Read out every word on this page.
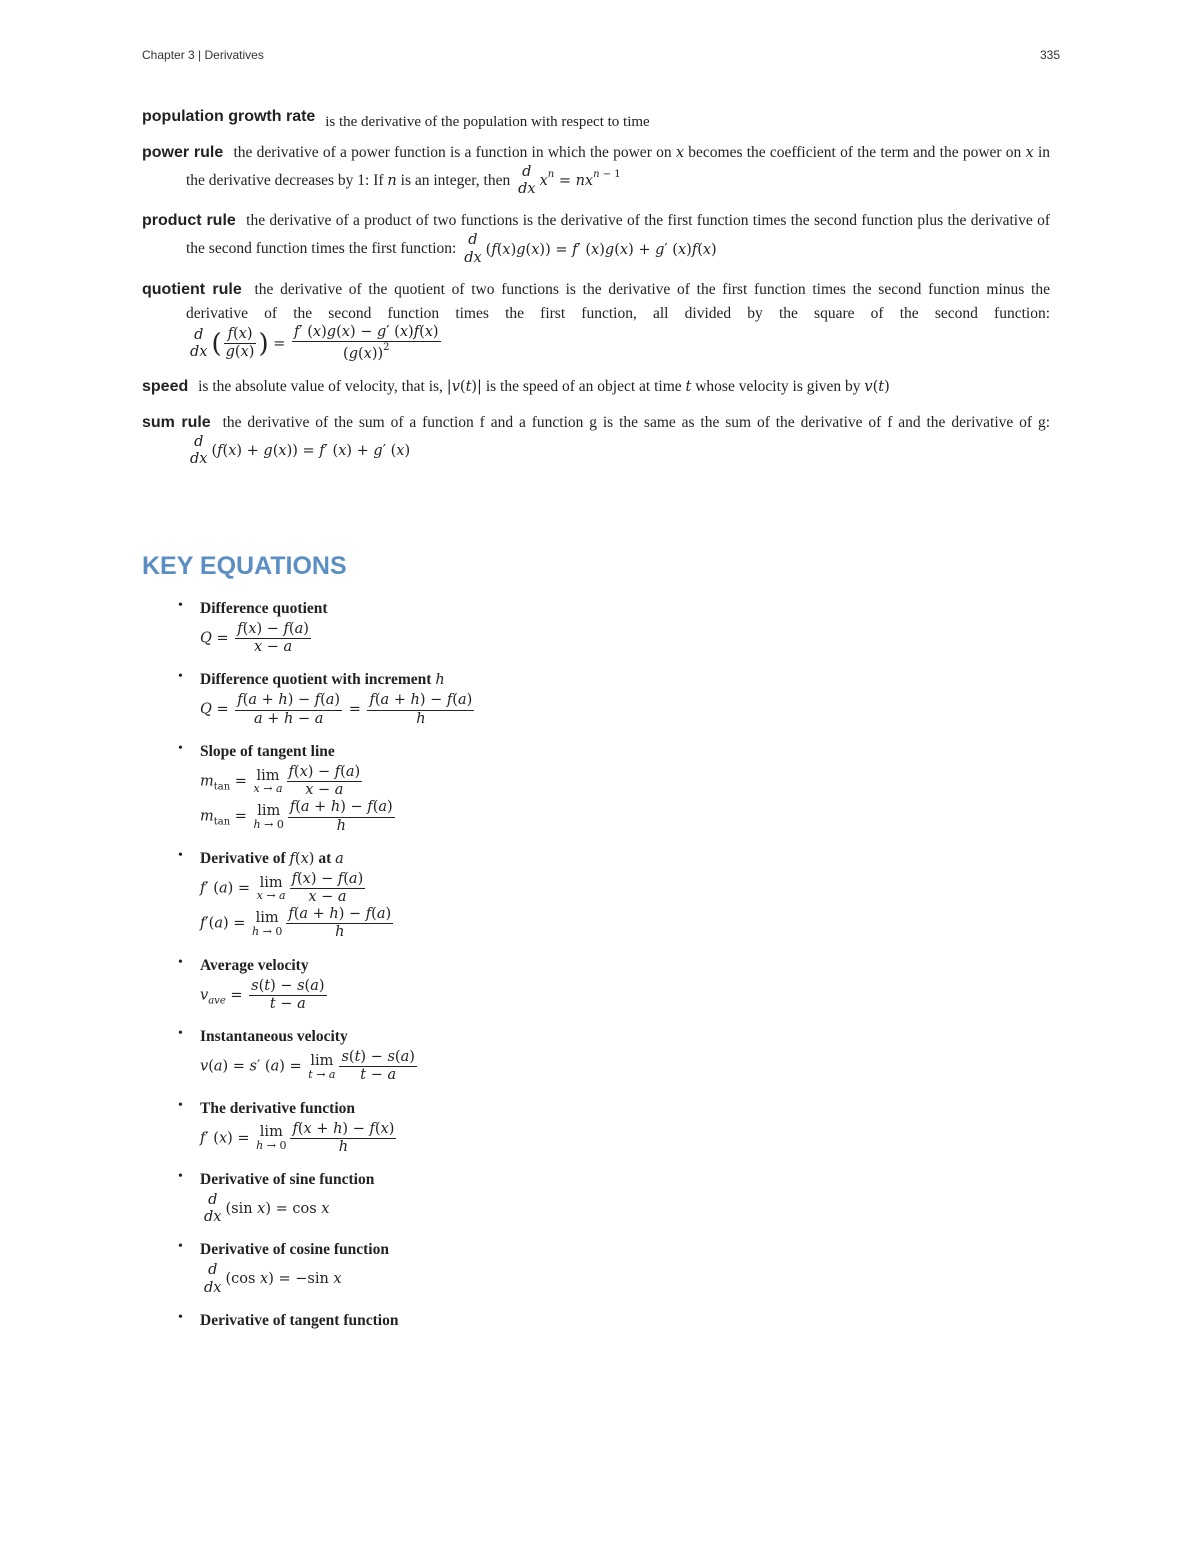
Chapter 3 | Derivatives	335

population growth rate is the derivative of the population with respect to time

power rule the derivative of a power function is a function in which the power on x becomes the coefficient of the term and the power on x in the derivative decreases by 1: If n is an integer, then
d
dx $x^n = nx^{n - 1}$

product rule the derivative of a product of two functions is the derivative of the first function times the second function plus the derivative of the second function times the first function:
d
dx (f(x)g(x)) = f′ (x)g(x) + g′ (x)f(x)

quotient rule the derivative of the quotient of two functions is the derivative of the first function times the second function minus the derivative of the second function times the first function, all divided by the square of the second function:
d
dx ( $\frac{f(x)}{g(x)}$ ) = $\frac{f' (x)g(x) - g' (x)f(x)}{(g(x))^2}$

speed is the absolute value of velocity, that is, |v(t)| is the speed of an object at time t whose velocity is given by v(t)

sum rule the derivative of the sum of a function f and a function g is the same as the sum of the derivative of f and the derivative of g:
d
dx (f(x) + g(x)) = f′ (x) + g′ (x)

KEY EQUATIONS
• Difference quotient
$Q = \frac{f(x) - f(a)}{x - a}$
• Difference quotient with increment h
$Q = \frac{f(a + h) - f(a)}{a + h - a} = \frac{f(a + h) - f(a)}{h}$
• Slope of tangent line
$m_{tan} = \lim$
x → a $\frac{f(x) - f(a)}{x - a}$
$m_{tan} = \lim$
$h \to 0 \frac{f(a + h) - f(a)}{h}$
• Derivative of f(x) at a
f′ (a) = lim
x → a $\frac{f(x) - f(a)}{x - a}$
f′(a) = lim
$h \to 0 \frac{f(a + h) - f(a)}{h}$
• Average velocity
$v_{ave} = \frac{s(t) - s(a)}{t - a}$
• Instantaneous velocity
v(a) = s′ (a) = lim
t → a $\frac{s(t) - s(a)}{t - a}$
• The derivative function
f′ (x) = lim
$h \to 0 \frac{f(x + h) - f(x)}{h}$
• Derivative of sine function
d
dx (sin x) = cos x
• Derivative of cosine function
d
dx (cos x) = −sin x
• Derivative of tangent function
